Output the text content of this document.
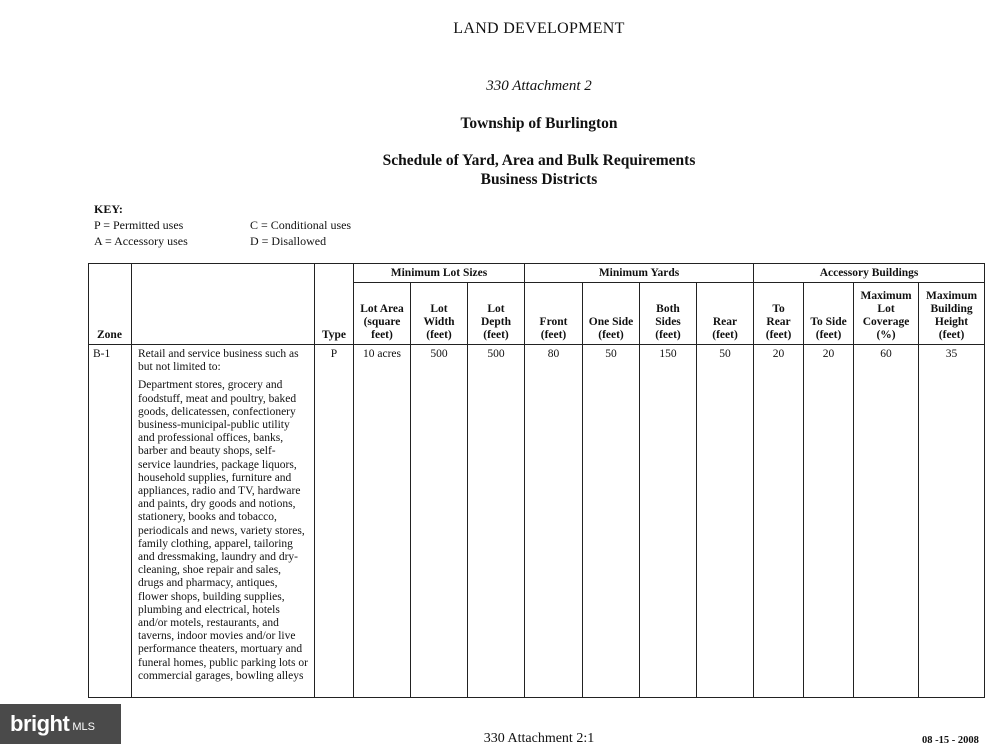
LAND DEVELOPMENT
330 Attachment 2
Township of Burlington
Schedule of Yard, Area and Bulk Requirements
Business Districts
KEY:
P = Permitted uses	C = Conditional uses
A = Accessory uses	D = Disallowed
Zone		Type	Minimum Lot Sizes			Minimum Yards				Accessory Buildings			
			Lot Area
(square
feet)	Lot
Width
(feet)	Lot
Depth
(feet)	Front
(feet)	One Side
(feet)	Both
Sides
(feet)	Rear
(feet)	To
Rear
(feet)	To Side
(feet)	Maximum
Lot
Coverage
(%)	Maximum
Building
Height
(feet)
B-1	Retail and service business such as but not limited to:

Department stores, grocery and foodstuff, meat and poultry, baked goods, delicatessen, confectionery business-municipal-public utility and professional offices, banks, barber and beauty shops, self-service laundries, package liquors, household supplies, furniture and appliances, radio and TV, hardware and paints, dry goods and notions, stationery, books and tobacco, periodicals and news, variety stores, family clothing, apparel, tailoring and dressmaking, laundry and dry-cleaning, shoe repair and sales, drugs and pharmacy, antiques, flower shops, building supplies, plumbing and electrical, hotels and/or motels, restaurants, and taverns, indoor movies and/or live performance theaters, mortuary and funeral homes, public parking lots or commercial garages, bowling alleys	P	10 acres	500	500	80	50	150	50	20	20	60	35
330 Attachment 2:1	08 -15 - 2008
bright MLS
